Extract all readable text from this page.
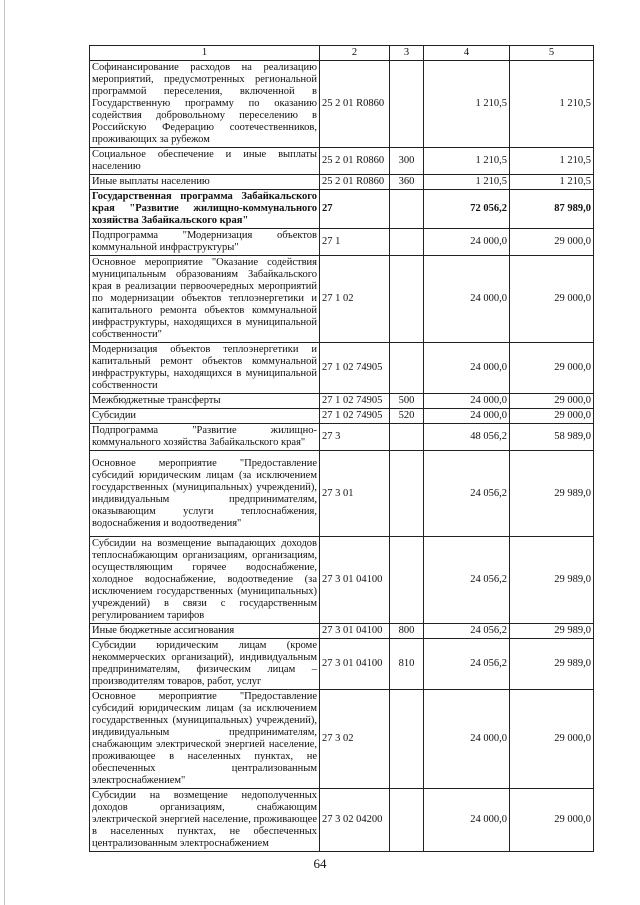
1	2	3	4	5
Софинансирование расходов на реализацию мероприятий, предусмотренных региональной программой переселения, включенной в Государственную программу по оказанию содействия добровольному переселению в Российскую Федерацию соотечественников, проживающих за рубежом	25 2 01 R0860		1 210,5	1 210,5
Социальное обеспечение и иные выплаты населению	25 2 01 R0860	300	1 210,5	1 210,5
Иные выплаты населению	25 2 01 R0860	360	1 210,5	1 210,5
Государственная программа Забайкальского края "Развитие жилищно-коммунального хозяйства Забайкальского края"	27		72 056,2	87 989,0
Подпрограмма "Модернизация объектов коммунальной инфраструктуры"	27 1		24 000,0	29 000,0
Основное мероприятие "Оказание содействия муниципальным образованиям Забайкальского края в реализации первоочередных мероприятий по модернизации объектов теплоэнергетики и капитального ремонта объектов коммунальной инфраструктуры, находящихся в муниципальной собственности"	27 1 02		24 000,0	29 000,0
Модернизация объектов теплоэнергетики и капитальный ремонт объектов коммунальной инфраструктуры, находящихся в муниципальной собственности	27 1 02 74905		24 000,0	29 000,0
Межбюджетные трансферты	27 1 02 74905	500	24 000,0	29 000,0
Субсидии	27 1 02 74905	520	24 000,0	29 000,0
Подпрограмма "Развитие жилищно-коммунального хозяйства Забайкальского края"	27 3		48 056,2	58 989,0
Основное мероприятие "Предоставление субсидий юридическим лицам (за исключением государственных (муниципальных) учреждений), индивидуальным предпринимателям, оказывающим услуги теплоснабжения, водоснабжения и водоотведения"	27 3 01		24 056,2	29 989,0
Субсидии на возмещение выпадающих доходов теплоснабжающим организациям, организациям, осуществляющим горячее водоснабжение, холодное водоснабжение, водоотведение (за исключением государственных (муниципальных) учреждений) в связи с государственным регулированием тарифов	27 3 01 04100		24 056,2	29 989,0
Иные бюджетные ассигнования	27 3 01 04100	800	24 056,2	29 989,0
Субсидии юридическим лицам (кроме некоммерческих организаций), индивидуальным предпринимателям, физическим лицам – производителям товаров, работ, услуг	27 3 01 04100	810	24 056,2	29 989,0
Основное мероприятие "Предоставление субсидий юридическим лицам (за исключением государственных (муниципальных) учреждений), индивидуальным предпринимателям, снабжающим электрической энергией население, проживающее в населенных пунктах, не обеспеченных централизованным электроснабжением"	27 3 02		24 000,0	29 000,0
Субсидии на возмещение недополученных доходов организациям, снабжающим электрической энергией население, проживающее в населенных пунктах, не обеспеченных централизованным электроснабжением	27 3 02 04200		24 000,0	29 000,0
64
